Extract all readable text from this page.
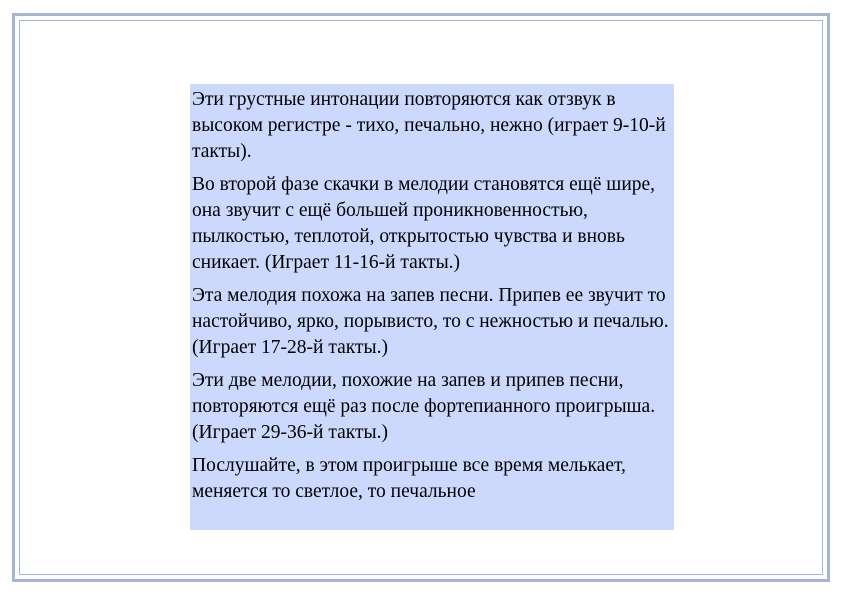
Эти грустные интонации повторяются как отзвук в высоком регистре - тихо, печально, нежно (играет 9-10-й такты).

Во второй фазе скачки в мелодии становятся ещё шире, она звучит с ещё большей проникновенностью, пылкостью, теплотой, открытостью чувства и вновь сникает. (Играет 11-16-й такты.)

Эта мелодия похожа на запев песни. Припев ее звучит то настойчиво, ярко, порывисто, то с нежностью и печалью. (Играет 17-28-й такты.)

Эти две мелодии, похожие на запев и припев песни, повторяются ещё раз после фортепианного проигрыша. (Играет 29-36-й такты.)

Послушайте, в этом проигрыше все время мелькает, меняется то светлое, то печальное
